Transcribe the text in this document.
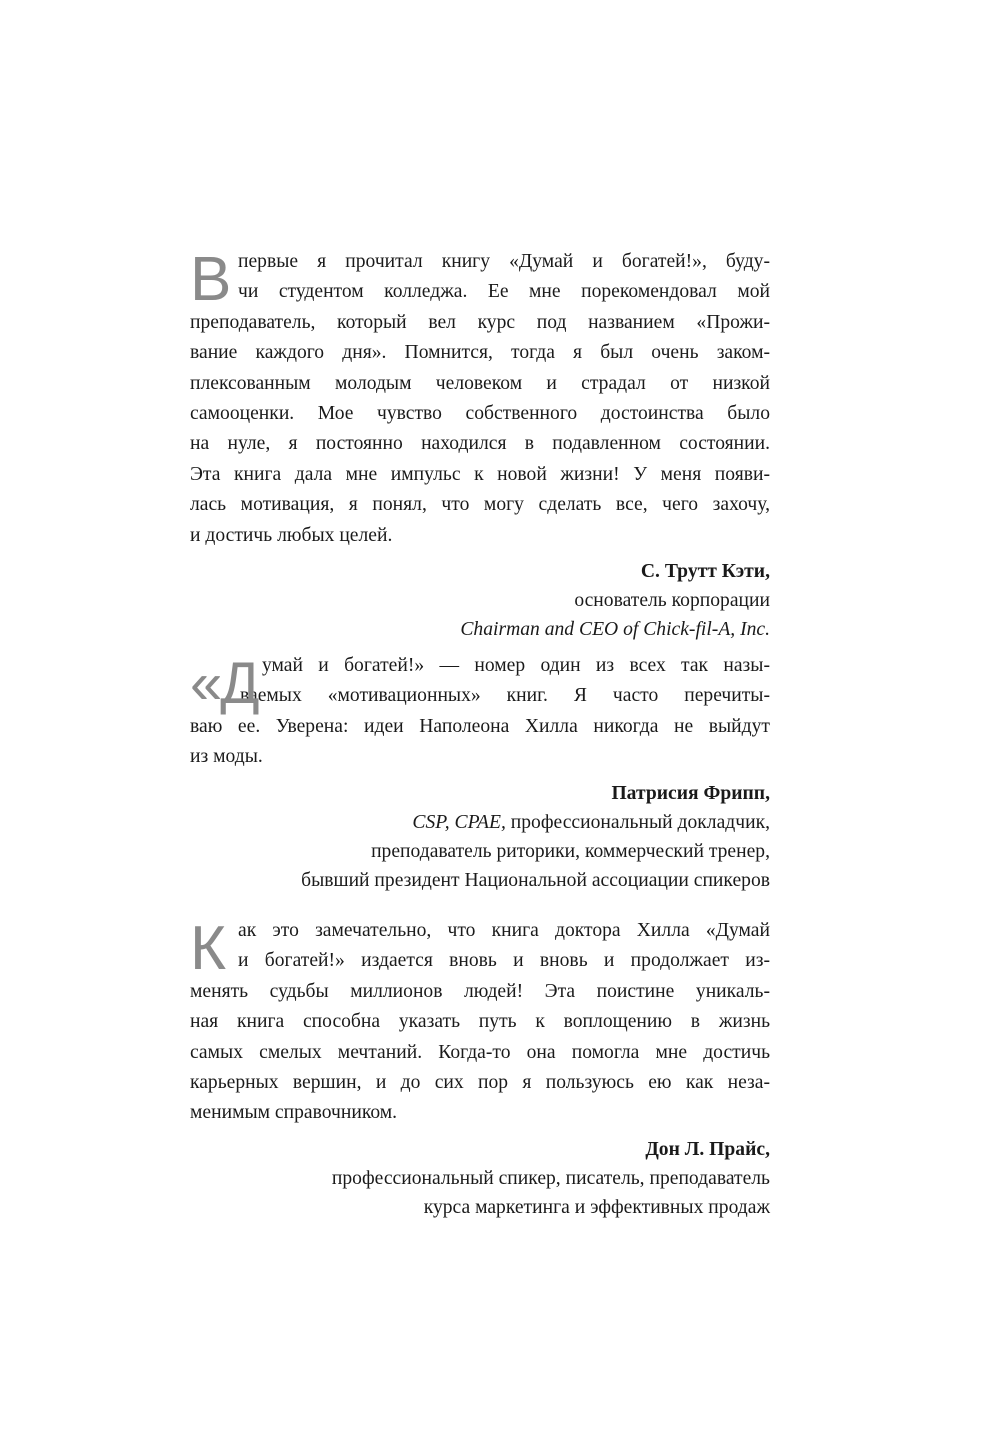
В первые я прочитал книгу «Думай и богатей!», буду-
чи студентом колледжа. Ее мне порекомендовал мой
преподаватель, который вел курс под названием «Прожи-
вание каждого дня». Помнится, тогда я был очень заком-
плексованным молодым человеком и страдал от низкой
самооценки. Мое чувство собственного достоинства было
на нуле, я постоянно находился в подавленном состоянии.
Эта книга дала мне импульс к новой жизни! У меня появи-
лась мотивация, я понял, что могу сделать все, чего захочу,
и достичь любых целей.
С. Трутт Кэти,
основатель корпорации
Chairman and CEO of Chick-fil-A, Inc.
«Д умай и богатей!» — номер один из всех так назы-
ваемых «мотивационных» книг. Я часто перечиты-
ваю ее. Уверена: идеи Наполеона Хилла никогда не выйдут
из моды.
Патрисия Фрипп,
CSP, CPAE, профессиональный докладчик,
преподаватель риторики, коммерческий тренер,
бывший президент Национальной ассоциации спикеров
К ак это замечательно, что книга доктора Хилла «Думай
и богатей!» издается вновь и вновь и продолжает из-
менять судьбы миллионов людей! Эта поистине уникаль-
ная книга способна указать путь к воплощению в жизнь
самых смелых мечтаний. Когда-то она помогла мне достичь
карьерных вершин, и до сих пор я пользуюсь ею как неза-
менимым справочником.
Дон Л. Прайс,
профессиональный спикер, писатель, преподаватель
курса маркетинга и эффективных продаж
